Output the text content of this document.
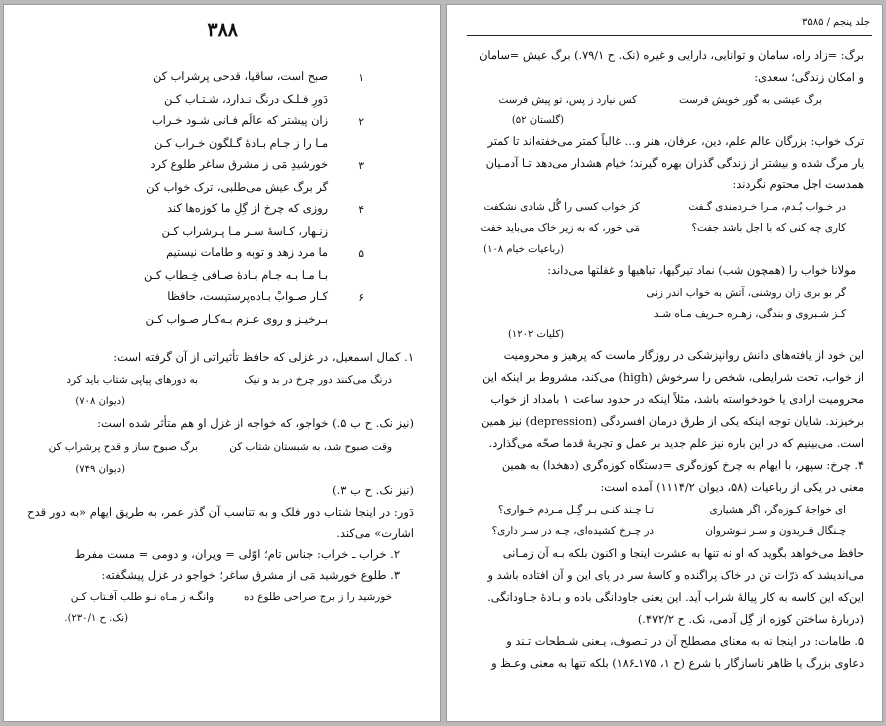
۳۸۸
۱
صبح است، ساقیا، قدحی پرشراب کن
دَورِ فـلـک درنگ نـدارد، شـتـاب کـن
۲
زان پیشتر که عالَم فـانی شـود خـراب
مـا را ز جـام بـادهٔ گـلگون خـراب کـن
۳
خورشیدِ مَی ز مشرق ساغر طلوع کرد
گر برگ عیش می‌طلبی، ترک خواب کن
۴
روزی که چرخ از گِلِ ما کوزه‌ها کند
زنـهار، کـاسهٔ سـر مـا پـرشراب کـن
۵
ما مرد زهد و توبه و طامات نیستیم
بـا مـا بـه جـام بـادهٔ صـافی خِـطاب کـن
۶
کـار صـوابْ بـاده‌پرستیست، حافظا
بـرخیـز و روی عـزم بـه‌کـار صـواب کـن
۱. کمال اسمعیل، در غزلی که حافظ تأثیراتی از آن گرفته است:
درنگ می‌کنند دور چرخ در بد و نیک
به دورهای پیاپی شتاب باید کرد
(دیوان ۷۰۸)
(نیز نک. ح ب ۵.) خواجو، که خواجه از غزل او هم متأثر شده است:
وقت صبوح شد، به شبستان شتاب کن
برگ صبوح ساز و قدح پرشراب کن
(دیوان ۷۴۹)
(نیز نک. ح ب ۳.)
دَور: در اینجا شتاب دور فلک و به تناسب آن گذر عمر، به طریق ایهام «به دور قدح
اشارت» می‌کند.
۲. خراب ـ خراب: جناس تام؛ اوّلی = ویران، و دومی = مست مفرط
۳. طلوع خورشید مَی از مشرق ساغر؛ خواجو در غزل پیشگفته:
خورشید را ز برج صراحی طلوع ده
وانگـه ز مـاه نـو طلب آفـتاب کـن
(نک. ح ۲۳۰/۱).
جلد پنجم / ۳۵۸۵
برگ: =زاد راه، سامان و توانایی، دارایی و غیره (نک. ح ۷۹/۱.) برگ عیش =سامان
و امکان زندگی؛ سعدی:
برگ عیشی به گور خویش فرست
کس نیارد ز پس، تو پیش فرست
(گلستان ۵۲)
ترک خواب: بزرگان عالم علم، دین، عرفان، هنر و... غالباً کمتر می‌خفته‌اند تا کمتر
یار مرگ شده و بیشتر از زندگی گذران بهره گیرند؛ خیام هشدار می‌دهد تـا آدمـیان
همدست اجل محتوم نگردند:
در خـواب بُـدم، مـرا خـردمندی گـفت
کز خواب کسی را گُل شادی نشکفت
کاری چه کنی که با اجل باشد جفت؟
مَی خور، که به زیر خاک می‌باید خفت
(رباعیات خیام ۱۰۸)
مولانا خواب را (همچون شب) نماد تیرگیها، تباهیها و غفلتها می‌داند:
گر بو بری زان روشنی، آتش به خواب اندر زنی
کـز شـبروی و بندگی، زهـره حـریف مـاه شـد
(کلیات ۱۲۰۲)
این خود از یافته‌های دانش روانپزشکی در روزگار ماست که پرهیز و محرومیت
از خواب، تحت شرایطی، شخص را سرخوش (high) می‌کند، مشروط بر اینکه این
محرومیت ارادی یا خودخواسته باشد، مثلاً اینکه در حدود ساعت ۱ بامداد از خواب
برخیزند. شایان توجه اینکه یکی از طرق درمان افسردگی (depression) نیز همین
است. می‌بینیم که در این باره نیز علم جدید بر عمل و تجربهٔ قدما صحّه می‌گذارد.
۴. چرخ: سپهر، با ایهام به چرخ کوزه‌گری =دستگاه کوزه‌گری (دهخدا) به همین
معنی در یکی از رباعیات (۵۸، دیوان ۱۱۱۴/۲) آمده است:
ای خواجهٔ کـوزه‌گر، اگر هشیاری
تـا چـند کنـی بـر گِـل مـردم خـواری؟
چـنگال فـریدون و سـر نـوشروان
در چـرخ کشیده‌ای، چـه در سـر داری؟
حافظ می‌خواهد بگوید که او نه تنها به عشرت اینجا و اکنون بلکه بـه آن زمـانی
می‌اندیشد که ذرّات تن در خاک پراگنده و کاسهٔ سر در پای این و آن افتاده باشد و
این‌که این کاسه به کار پیالهٔ شراب آید. این یعنی جاودانگی باده و بـادهٔ جـاودانگی.
(دربارهٔ ساختن کوزه از گِل آدمی، نک. ح ۴۷۲/۲.)
۵. طامات: در اینجا نه به معنای مصطلح آن در تـصوف، یـعنی شـطحات تـند و
دعاوی بزرگ یا ظاهر ناسازگار با شرع (ح ۱، ۱۷۵ـ۱۸۶) بلکه تنها به معنی وعـظ و
